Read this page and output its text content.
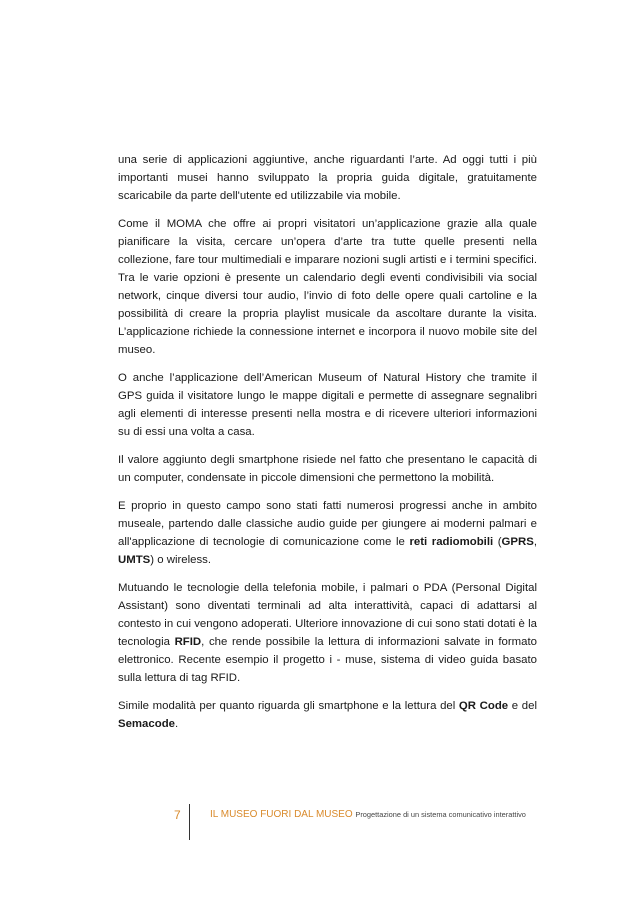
una serie di applicazioni aggiuntive, anche riguardanti l’arte. Ad oggi tutti i più importanti musei hanno sviluppato la propria guida digitale, gratuitamente scaricabile da parte dell'utente ed utilizzabile via mobile.

Come il MOMA che offre ai propri visitatori un’applicazione grazie alla quale pianificare la visita, cercare un’opera d’arte tra tutte quelle presenti nella collezione, fare tour multimediali e imparare nozioni sugli artisti e i termini specifici. Tra le varie opzioni è presente un calendario degli eventi condivisibili via social network, cinque diversi tour audio, l’invio di foto delle opere quali cartoline e la possibilità di creare la propria playlist musicale da ascoltare durante la visita. L’applicazione richiede la connessione internet e incorpora il nuovo mobile site del museo.

O anche l’applicazione dell’American Museum of Natural History che tramite il GPS guida il visitatore lungo le mappe digitali e permette di assegnare segnalibri agli elementi di interesse presenti nella mostra e di ricevere ulteriori informazioni su di essi una volta a casa.

Il valore aggiunto degli smartphone risiede nel fatto che presentano le capacità di un computer, condensate in piccole dimensioni che permettono la mobilità.

E proprio in questo campo sono stati fatti numerosi progressi anche in ambito museale, partendo dalle classiche audio guide per giungere ai moderni palmari e all'applicazione di tecnologie di comunicazione come le reti radiomobili (GPRS, UMTS) o wireless.

Mutuando le tecnologie della telefonia mobile, i palmari o PDA (Personal Digital Assistant) sono diventati terminali ad alta interattività, capaci di adattarsi al contesto in cui vengono adoperati. Ulteriore innovazione di cui sono stati dotati è la tecnologia RFID, che rende possibile la lettura di informazioni salvate in formato elettronico. Recente esempio il progetto i - muse, sistema di video guida basato sulla lettura di tag RFID.

Simile modalità per quanto riguarda gli smartphone e la lettura del QR Code e del Semacode.

7	IL MUSEO FUORI DAL MUSEO Progettazione di un sistema comunicativo interattivo
